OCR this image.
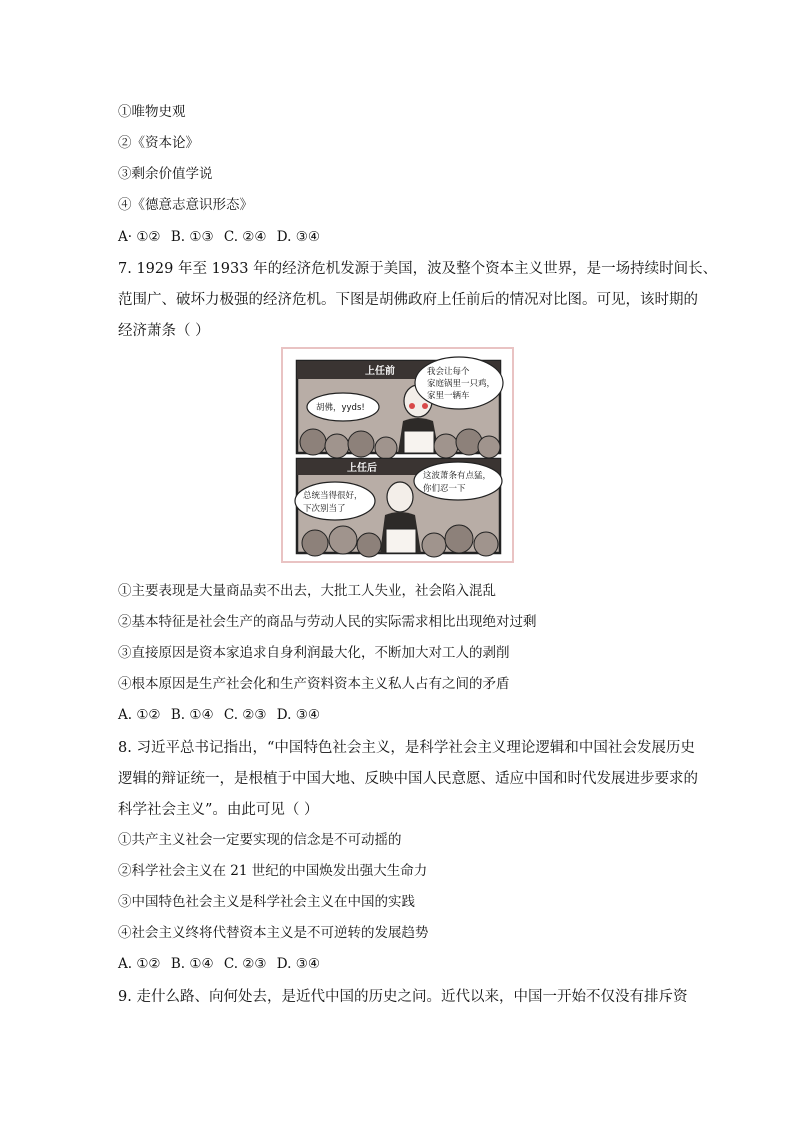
①唯物史观
②《资本论》
③剩余价值学说
④《德意志意识形态》
A· ①② B. ①③ C. ②④ D. ③④
7. 1929 年至 1933 年的经济危机发源于美国，波及整个资本主义世界，是一场持续时间长、
范围广、破坏力极强的经济危机。下图是胡佛政府上任前后的情况对比图。可见，该时期的
经济萧条（ ）
上任前
胡佛，yyds!
我会让每个
家庭锅里一只鸡，
家里一辆车
上任后
总统当得很好，
下次别当了
这波萧条有点猛，
你们忍一下
①主要表现是大量商品卖不出去，大批工人失业，社会陷入混乱
②基本特征是社会生产的商品与劳动人民的实际需求相比出现绝对过剩
③直接原因是资本家追求自身利润最大化，不断加大对工人的剥削
④根本原因是生产社会化和生产资料资本主义私人占有之间的矛盾
A. ①② B. ①④ C. ②③ D. ③④
8. 习近平总书记指出，“中国特色社会主义，是科学社会主义理论逻辑和中国社会发展历史
逻辑的辩证统一，是根植于中国大地、反映中国人民意愿、适应中国和时代发展进步要求的
科学社会主义”。由此可见（ ）
①共产主义社会一定要实现的信念是不可动摇的
②科学社会主义在 21 世纪的中国焕发出强大生命力
③中国特色社会主义是科学社会主义在中国的实践
④社会主义终将代替资本主义是不可逆转的发展趋势
A. ①② B. ①④ C. ②③ D. ③④
9. 走什么路、向何处去，是近代中国的历史之问。近代以来，中国一开始不仅没有排斥资
